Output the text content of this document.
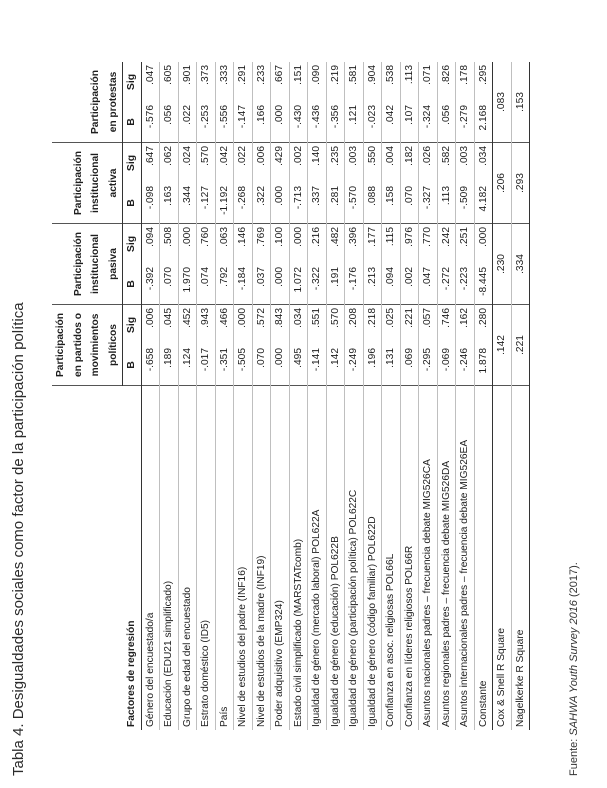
Tabla 4. Desigualdades sociales como factor de la participación política	Factores de regresión	Participación en partidos o movimientos políticos		Participación institucional pasiva		Participación institucional activa		Participación en protestas	
	B	Sig	B	Sig	B	Sig	B	Sig
Género del encuestado/a	-.658	.006	-.392	.094	-.098	.647	-.576	.047
Educación (EDU21 simplificado)	.189	.045	.070	.508	.163	.062	.056	.605
Grupo de edad del encuestado	.124	.452	1.970	.000	.344	.024	.022	.901
Estrato doméstico (ID5)	-.017	.943	.074	.760	-.127	.570	-.253	.373
País	-.351	.466	.792	.063	-1.192	.042	-.556	.333
Nivel de estudios del padre (INF16)	-.505	.000	-.184	.146	-.268	.022	-.147	.291
Nivel de estudios de la madre (INF19)	.070	.572	.037	.769	.322	.006	.166	.233
Poder adquisitivo (EMP324)	.000	.843	.000	.100	.000	.429	.000	.667
Estado civil simplificado (MARSTATcomb)	.495	.034	1.072	.000	-.713	.002	-.430	.151
Igualdad de género (mercado laboral) POL622A	-.141	.551	-.322	.216	.337	.140	-.436	.090
Igualdad de género (educación) POL622B	.142	.570	.191	.482	.281	.235	-.356	.219
Igualdad de género (participación política) POL622C	-.249	.208	-.176	.396	-.570	.003	.121	.581
Igualdad de género (código familiar) POL622D	.196	.218	.213	.177	.088	.550	-.023	.904
Confianza en asoc. religiosas POL66L	.131	.025	.094	.115	.158	.004	.042	.538
Confianza en líderes religiosos POL66R	.069	.221	.002	.976	.070	.182	.107	.113
Asuntos nacionales padres – frecuencia debate MIG526CA	-.295	.057	.047	.770	-.327	.026	-.324	.071
Asuntos regionales padres – frecuencia debate MIG526DA	-.069	.746	-.272	.242	.113	.582	.056	.826
Asuntos internacionales padres – frecuencia debate MIG526EA	-.246	.162	-.223	.251	-.509	.003	-.279	.178
Constante	1.878	.280	-8.445	.000	4.182	.034	2.168	.295
Cox & Snell R Square	.142		.230		.206		.083	
Nagelkerke R Square	.221		.334		.293		.153	
Fuente: SAHWA Youth Survey 2016 (2017).
